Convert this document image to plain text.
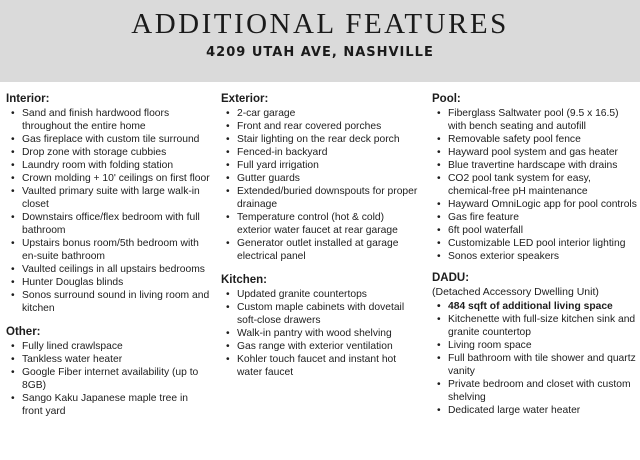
ADDITIONAL FEATURES
4209 UTAH AVE, NASHVILLE
Interior:
• Sand and finish hardwood floors throughout the entire home
• Gas fireplace with custom tile surround
• Drop zone with storage cubbies
• Laundry room with folding station
• Crown molding + 10' ceilings on first floor
• Vaulted primary suite with large walk-in closet
• Downstairs office/flex bedroom with full bathroom
• Upstairs bonus room/5th bedroom with en-suite bathroom
• Vaulted ceilings in all upstairs bedrooms
• Hunter Douglas blinds
• Sonos surround sound in living room and kitchen
Other:
• Fully lined crawlspace
• Tankless water heater
• Google Fiber internet availability (up to 8GB)
• Sango Kaku Japanese maple tree in front yard
Exterior:
• 2-car garage
• Front and rear covered porches
• Stair lighting on the rear deck porch
• Fenced-in backyard
• Full yard irrigation
• Gutter guards
• Extended/buried downspouts for proper drainage
• Temperature control (hot & cold) exterior water faucet at rear garage
• Generator outlet installed at garage electrical panel
Kitchen:
• Updated granite countertops
• Custom maple cabinets with dovetail soft-close drawers
• Walk-in pantry with wood shelving
• Gas range with exterior ventilation
• Kohler touch faucet and instant hot water faucet
Pool:
• Fiberglass Saltwater pool (9.5 x 16.5) with bench seating and autofill
• Removable safety pool fence
• Hayward pool system and gas heater
• Blue travertine hardscape with drains
• CO2 pool tank system for easy, chemical-free pH maintenance
• Hayward OmniLogic app for pool controls
• Gas fire feature
• 6ft pool waterfall
• Customizable LED pool interior lighting
• Sonos exterior speakers
DADU:
(Detached Accessory Dwelling Unit)
• 484 sqft of additional living space
• Kitchenette with full-size kitchen sink and granite countertop
• Living room space
• Full bathroom with tile shower and quartz vanity
• Private bedroom and closet with custom shelving
• Dedicated large water heater
